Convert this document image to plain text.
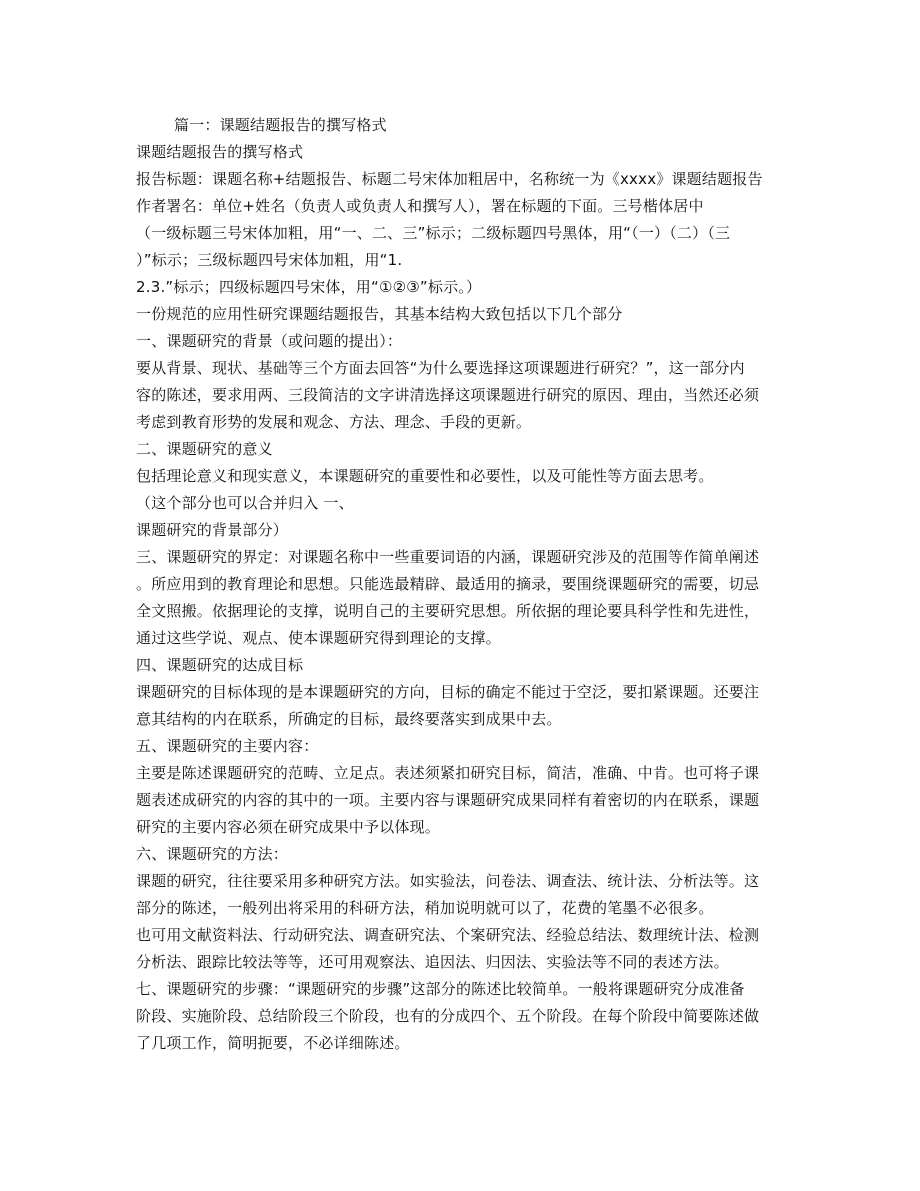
篇一：课题结题报告的撰写格式
课题结题报告的撰写格式
报告标题：课题名称+结题报告、标题二号宋体加粗居中，名称统一为《xxxx》课题结题报告
作者署名：单位+姓名（负责人或负责人和撰写人），署在标题的下面。三号楷体居中
（一级标题三号宋体加粗，用“一、二、三”标示；二级标题四号黑体，用“（一）（二）（三
）”标示；三级标题四号宋体加粗，用“1.
2.3.”标示；四级标题四号宋体，用“①②③”标示。）
一份规范的应用性研究课题结题报告，其基本结构大致包括以下几个部分
一、课题研究的背景（或问题的提出）：
要从背景、现状、基础等三个方面去回答“为什么要选择这项课题进行研究？”，这一部分内
容的陈述，要求用两、三段简洁的文字讲清选择这项课题进行研究的原因、理由，当然还必须
考虑到教育形势的发展和观念、方法、理念、手段的更新。
二、课题研究的意义
包括理论意义和现实意义，本课题研究的重要性和必要性，以及可能性等方面去思考。
（这个部分也可以合并归入 一、
课题研究的背景部分）
三、课题研究的界定：对课题名称中一些重要词语的内涵，课题研究涉及的范围等作简单阐述
。所应用到的教育理论和思想。只能选最精辟、最适用的摘录，要围绕课题研究的需要，切忌
全文照搬。依据理论的支撑，说明自己的主要研究思想。所依据的理论要具科学性和先进性，
通过这些学说、观点、使本课题研究得到理论的支撑。
四、课题研究的达成目标
课题研究的目标体现的是本课题研究的方向，目标的确定不能过于空泛，要扣紧课题。还要注
意其结构的内在联系，所确定的目标，最终要落实到成果中去。
五、课题研究的主要内容：
主要是陈述课题研究的范畴、立足点。表述须紧扣研究目标，简洁，准确、中肯。也可将子课
题表述成研究的内容的其中的一项。主要内容与课题研究成果同样有着密切的内在联系，课题
研究的主要内容必须在研究成果中予以体现。
六、课题研究的方法：
课题的研究，往往要采用多种研究方法。如实验法，问卷法、调查法、统计法、分析法等。这
部分的陈述，一般列出将采用的科研方法，稍加说明就可以了，花费的笔墨不必很多。
也可用文献资料法、行动研究法、调查研究法、个案研究法、经验总结法、数理统计法、检测
分析法、跟踪比较法等等，还可用观察法、追因法、归因法、实验法等不同的表述方法。
七、课题研究的步骤：“课题研究的步骤”这部分的陈述比较简单。一般将课题研究分成准备
阶段、实施阶段、总结阶段三个阶段，也有的分成四个、五个阶段。在每个阶段中简要陈述做
了几项工作，简明扼要，不必详细陈述。
